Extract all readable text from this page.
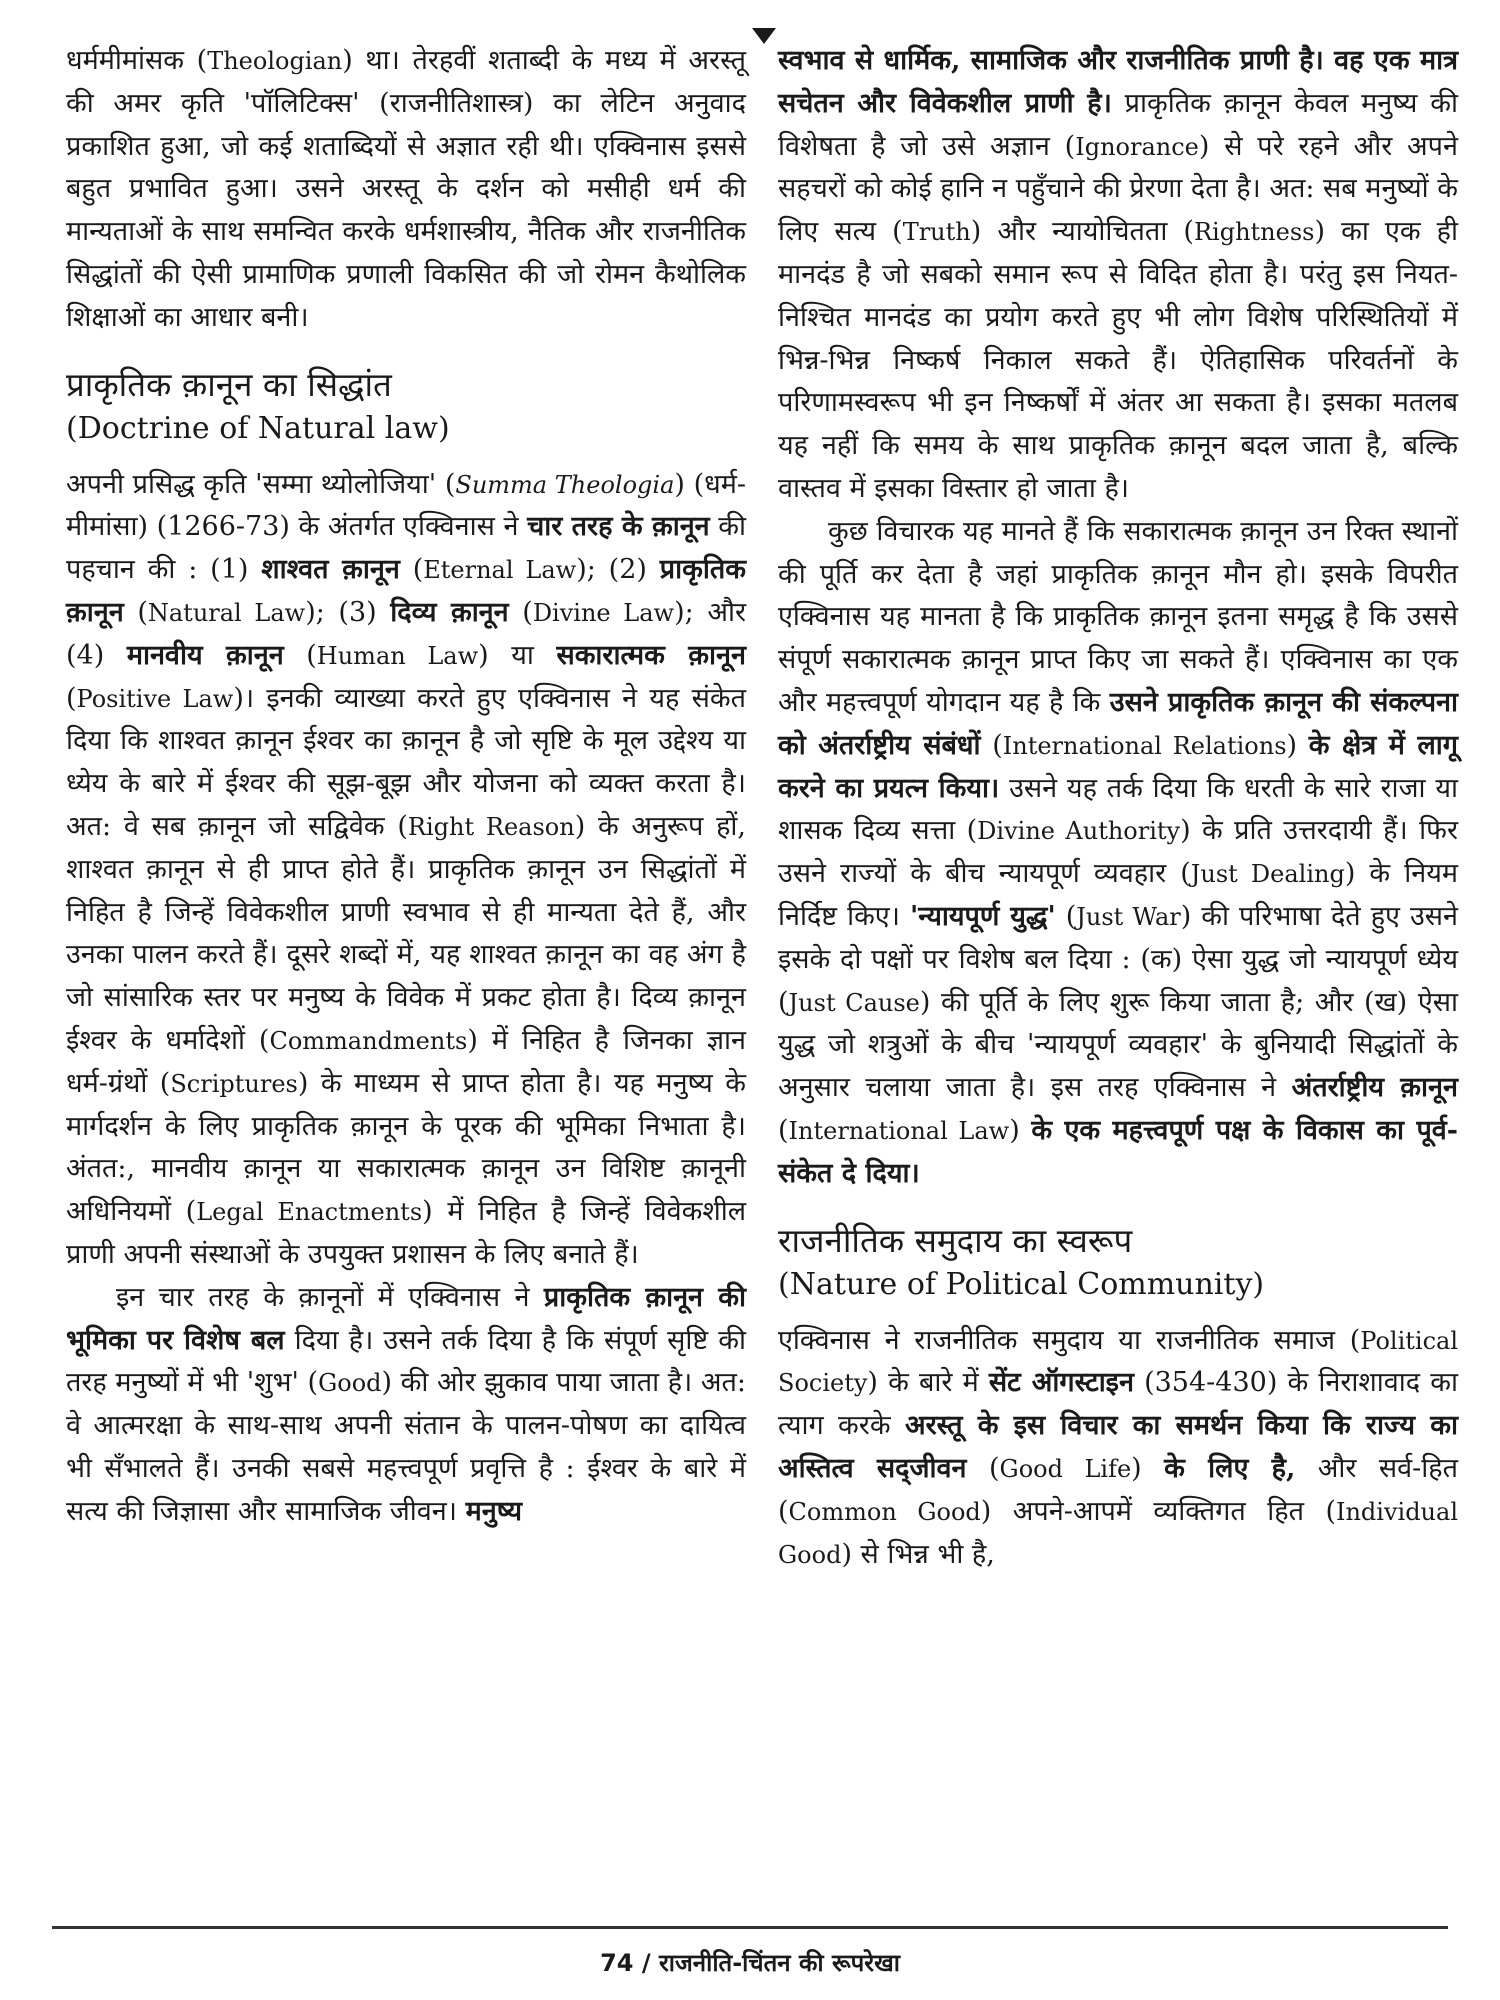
धर्ममीमांसक (Theologian) था। तेरहवीं शताब्दी के मध्य में अरस्तू की अमर कृति 'पॉलिटिक्स' (राजनीतिशास्त्र) का लेटिन अनुवाद प्रकाशित हुआ, जो कई शताब्दियों से अज्ञात रही थी। एक्विनास इससे बहुत प्रभावित हुआ। उसने अरस्तू के दर्शन को मसीही धर्म की मान्यताओं के साथ समन्वित करके धर्मशास्त्रीय, नैतिक और राजनीतिक सिद्धांतों की ऐसी प्रामाणिक प्रणाली विकसित की जो रोमन कैथोलिक शिक्षाओं का आधार बनी।

प्राकृतिक क़ानून का सिद्धांत

(Doctrine of Natural law)

अपनी प्रसिद्ध कृति 'सम्मा थ्योलोजिया' (Summa Theologia) (धर्म-मीमांसा) (1266-73) के अंतर्गत एक्विनास ने चार तरह के क़ानून की पहचान की : (1) शाश्वत क़ानून (Eternal Law); (2) प्राकृतिक क़ानून (Natural Law); (3) दिव्य क़ानून (Divine Law); और (4) मानवीय क़ानून (Human Law) या सकारात्मक क़ानून (Positive Law)। इनकी व्याख्या करते हुए एक्विनास ने यह संकेत दिया कि शाश्वत क़ानून ईश्वर का क़ानून है जो सृष्टि के मूल उद्देश्य या ध्येय के बारे में ईश्वर की सूझ-बूझ और योजना को व्यक्त करता है। अत: वे सब क़ानून जो सद्विवेक (Right Reason) के अनुरूप हों, शाश्वत क़ानून से ही प्राप्त होते हैं। प्राकृतिक क़ानून उन सिद्धांतों में निहित है जिन्हें विवेकशील प्राणी स्वभाव से ही मान्यता देते हैं, और उनका पालन करते हैं। दूसरे शब्दों में, यह शाश्वत क़ानून का वह अंग है जो सांसारिक स्तर पर मनुष्य के विवेक में प्रकट होता है। दिव्य क़ानून ईश्वर के धर्मादेशों (Commandments) में निहित है जिनका ज्ञान धर्म-ग्रंथों (Scriptures) के माध्यम से प्राप्त होता है। यह मनुष्य के मार्गदर्शन के लिए प्राकृतिक क़ानून के पूरक की भूमिका निभाता है। अंतत:, मानवीय क़ानून या सकारात्मक क़ानून उन विशिष्ट क़ानूनी अधिनियमों (Legal Enactments) में निहित है जिन्हें विवेकशील प्राणी अपनी संस्थाओं के उपयुक्त प्रशासन के लिए बनाते हैं।

इन चार तरह के क़ानूनों में एक्विनास ने प्राकृतिक क़ानून की भूमिका पर विशेष बल दिया है। उसने तर्क दिया है कि संपूर्ण सृष्टि की तरह मनुष्यों में भी 'शुभ' (Good) की ओर झुकाव पाया जाता है। अत: वे आत्मरक्षा के साथ-साथ अपनी संतान के पालन-पोषण का दायित्व भी सँभालते हैं। उनकी सबसे महत्त्वपूर्ण प्रवृत्ति है : ईश्वर के बारे में सत्य की जिज्ञासा और सामाजिक जीवन। मनुष्य

स्वभाव से धार्मिक, सामाजिक और राजनीतिक प्राणी है। वह एक मात्र सचेतन और विवेकशील प्राणी है। प्राकृतिक क़ानून केवल मनुष्य की विशेषता है जो उसे अज्ञान (Ignorance) से परे रहने और अपने सहचरों को कोई हानि न पहुँचाने की प्रेरणा देता है। अत: सब मनुष्यों के लिए सत्य (Truth) और न्यायोचितता (Rightness) का एक ही मानदंड है जो सबको समान रूप से विदित होता है। परंतु इस नियत-निश्चित मानदंड का प्रयोग करते हुए भी लोग विशेष परिस्थितियों में भिन्न-भिन्न निष्कर्ष निकाल सकते हैं। ऐतिहासिक परिवर्तनों के परिणामस्वरूप भी इन निष्कर्षों में अंतर आ सकता है। इसका मतलब यह नहीं कि समय के साथ प्राकृतिक क़ानून बदल जाता है, बल्कि वास्तव में इसका विस्तार हो जाता है।

कुछ विचारक यह मानते हैं कि सकारात्मक क़ानून उन रिक्त स्थानों की पूर्ति कर देता है जहां प्राकृतिक क़ानून मौन हो। इसके विपरीत एक्विनास यह मानता है कि प्राकृतिक क़ानून इतना समृद्ध है कि उससे संपूर्ण सकारात्मक क़ानून प्राप्त किए जा सकते हैं। एक्विनास का एक और महत्त्वपूर्ण योगदान यह है कि उसने प्राकृतिक क़ानून की संकल्पना को अंतर्राष्ट्रीय संबंधों (International Relations) के क्षेत्र में लागू करने का प्रयत्न किया। उसने यह तर्क दिया कि धरती के सारे राजा या शासक दिव्य सत्ता (Divine Authority) के प्रति उत्तरदायी हैं। फिर उसने राज्यों के बीच न्यायपूर्ण व्यवहार (Just Dealing) के नियम निर्दिष्ट किए। 'न्यायपूर्ण युद्ध' (Just War) की परिभाषा देते हुए उसने इसके दो पक्षों पर विशेष बल दिया : (क) ऐसा युद्ध जो न्यायपूर्ण ध्येय (Just Cause) की पूर्ति के लिए शुरू किया जाता है; और (ख) ऐसा युद्ध जो शत्रुओं के बीच 'न्यायपूर्ण व्यवहार' के बुनियादी सिद्धांतों के अनुसार चलाया जाता है। इस तरह एक्विनास ने अंतर्राष्ट्रीय क़ानून (International Law) के एक महत्त्वपूर्ण पक्ष के विकास का पूर्व-संकेत दे दिया।

राजनीतिक समुदाय का स्वरूप

(Nature of Political Community)

एक्विनास ने राजनीतिक समुदाय या राजनीतिक समाज (Political Society) के बारे में सेंट ऑगस्टाइन (354-430) के निराशावाद का त्याग करके अरस्तू के इस विचार का समर्थन किया कि राज्य का अस्तित्व सद्जीवन (Good Life) के लिए है, और सर्व-हित (Common Good) अपने-आपमें व्यक्तिगत हित (Individual Good) से भिन्न भी है,

74 / राजनीति-चिंतन की रूपरेखा
